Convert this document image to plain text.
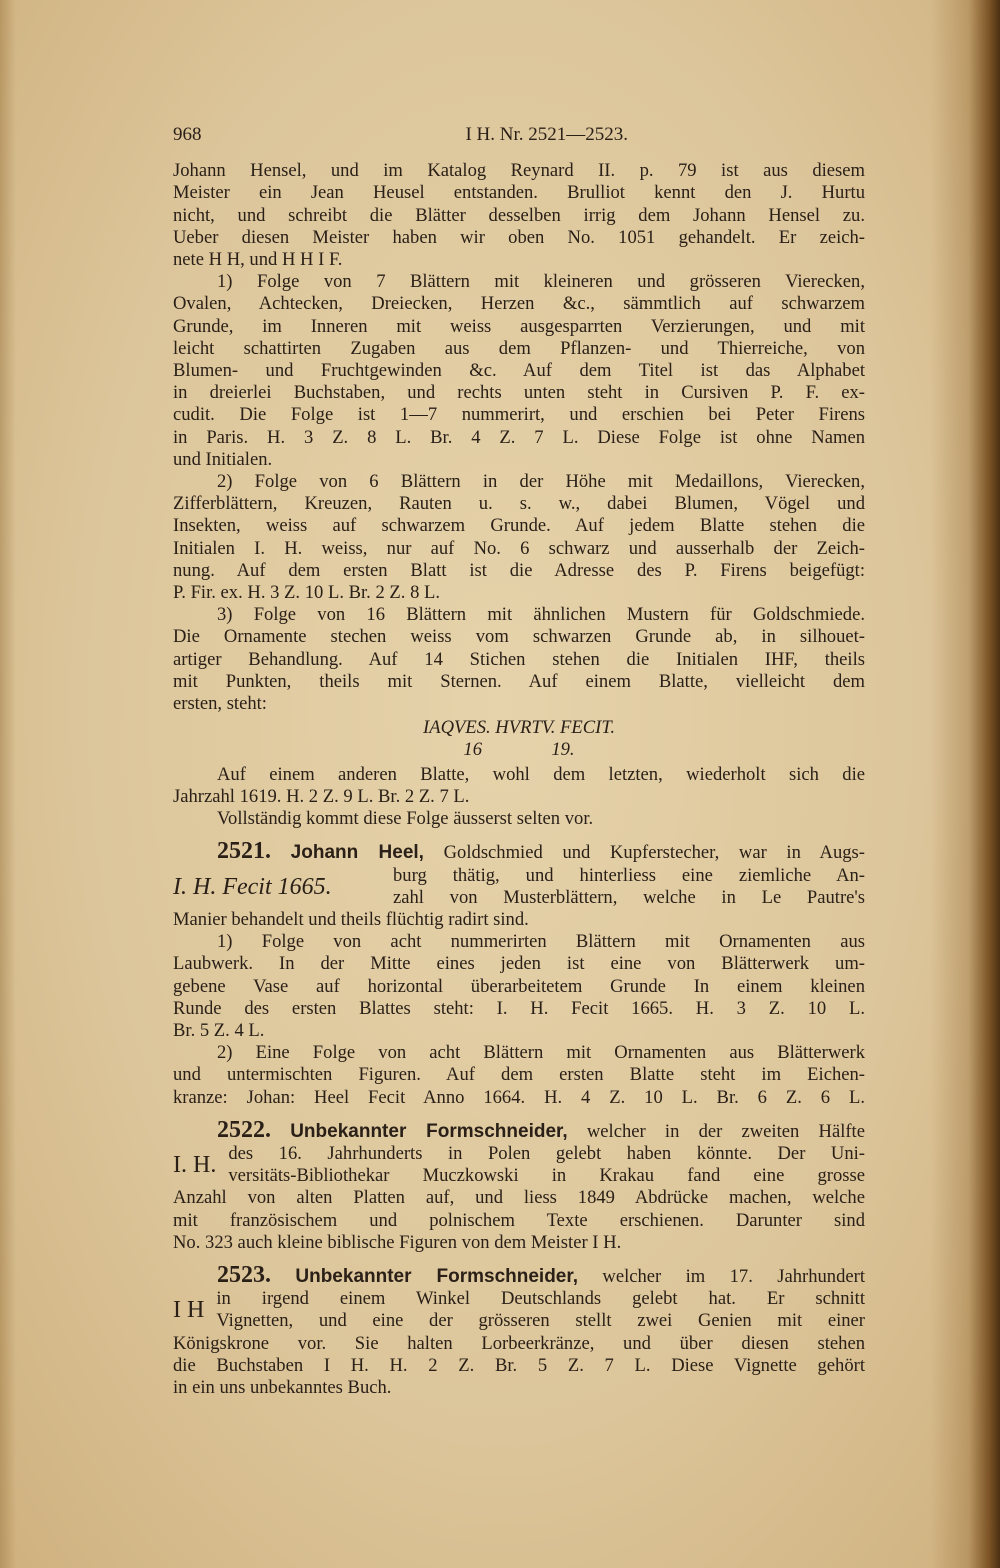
968	I H. Nr. 2521—2523.
Johann Hensel, und im Katalog Reynard II. p. 79 ist aus diesem
Meister ein Jean Heusel entstanden. Brulliot kennt den J. Hurtu
nicht, und schreibt die Blätter desselben irrig dem Johann Hensel zu.
Ueber diesen Meister haben wir oben No. 1051 gehandelt. Er zeich-
nete H H, und H H I F.
1) Folge von 7 Blättern mit kleineren und grösseren Vierecken,
Ovalen, Achtecken, Dreiecken, Herzen &c., sämmtlich auf schwarzem
Grunde, im Inneren mit weiss ausgesparrten Verzierungen, und mit
leicht schattirten Zugaben aus dem Pflanzen- und Thierreiche, von
Blumen- und Fruchtgewinden &c. Auf dem Titel ist das Alphabet
in dreierlei Buchstaben, und rechts unten steht in Cursiven P. F. ex-
cudit. Die Folge ist 1—7 nummerirt, und erschien bei Peter Firens
in Paris. H. 3 Z. 8 L. Br. 4 Z. 7 L. Diese Folge ist ohne Namen
und Initialen.
2) Folge von 6 Blättern in der Höhe mit Medaillons, Vierecken,
Zifferblättern, Kreuzen, Rauten u. s. w., dabei Blumen, Vögel und
Insekten, weiss auf schwarzem Grunde. Auf jedem Blatte stehen die
Initialen I. H. weiss, nur auf No. 6 schwarz und ausserhalb der Zeich-
nung. Auf dem ersten Blatt ist die Adresse des P. Firens beigefügt:
P. Fir. ex. H. 3 Z. 10 L. Br. 2 Z. 8 L.
3) Folge von 16 Blättern mit ähnlichen Mustern für Goldschmiede.
Die Ornamente stechen weiss vom schwarzen Grunde ab, in silhouet-
artiger Behandlung. Auf 14 Stichen stehen die Initialen IHF, theils
mit Punkten, theils mit Sternen. Auf einem Blatte, vielleicht dem
ersten, steht:
IAQVES. HVRTV. FECIT.
16	19.
Auf einem anderen Blatte, wohl dem letzten, wiederholt sich die
Jahrzahl 1619. H. 2 Z. 9 L. Br. 2 Z. 7 L.
Vollständig kommt diese Folge äusserst selten vor.
2521. Johann Heel, Goldschmied und Kupferstecher, war in Augs-
I. H. Fecit 1665.	burg thätig, und hinterliess eine ziemliche An-
zahl von Musterblättern, welche in Le Pautre's
Manier behandelt und theils flüchtig radirt sind.
1) Folge von acht nummerirten Blättern mit Ornamenten aus
Laubwerk. In der Mitte eines jeden ist eine von Blätterwerk um-
gebene Vase auf horizontal überarbeitetem Grunde In einem kleinen
Runde des ersten Blattes steht: I. H. Fecit 1665. H. 3 Z. 10 L.
Br. 5 Z. 4 L.
2) Eine Folge von acht Blättern mit Ornamenten aus Blätterwerk
und untermischten Figuren. Auf dem ersten Blatte steht im Eichen-
kranze: Johan: Heel Fecit Anno 1664. H. 4 Z. 10 L. Br. 6 Z. 6 L.
2522. Unbekannter Formschneider, welcher in der zweiten Hälfte
I. H. des 16. Jahrhunderts in Polen gelebt haben könnte. Der Uni-
versitäts-Bibliothekar Muczkowski in Krakau fand eine grosse
Anzahl von alten Platten auf, und liess 1849 Abdrücke machen, welche
mit französischem und polnischem Texte erschienen. Darunter sind
No. 323 auch kleine biblische Figuren von dem Meister I H.
2523. Unbekannter Formschneider, welcher im 17. Jahrhundert
I H in irgend einem Winkel Deutschlands gelebt hat. Er schnitt
Vignetten, und eine der grösseren stellt zwei Genien mit einer
Königskrone vor. Sie halten Lorbeerkränze, und über diesen stehen
die Buchstaben I H. H. 2 Z. Br. 5 Z. 7 L. Diese Vignette gehört
in ein uns unbekanntes Buch.
